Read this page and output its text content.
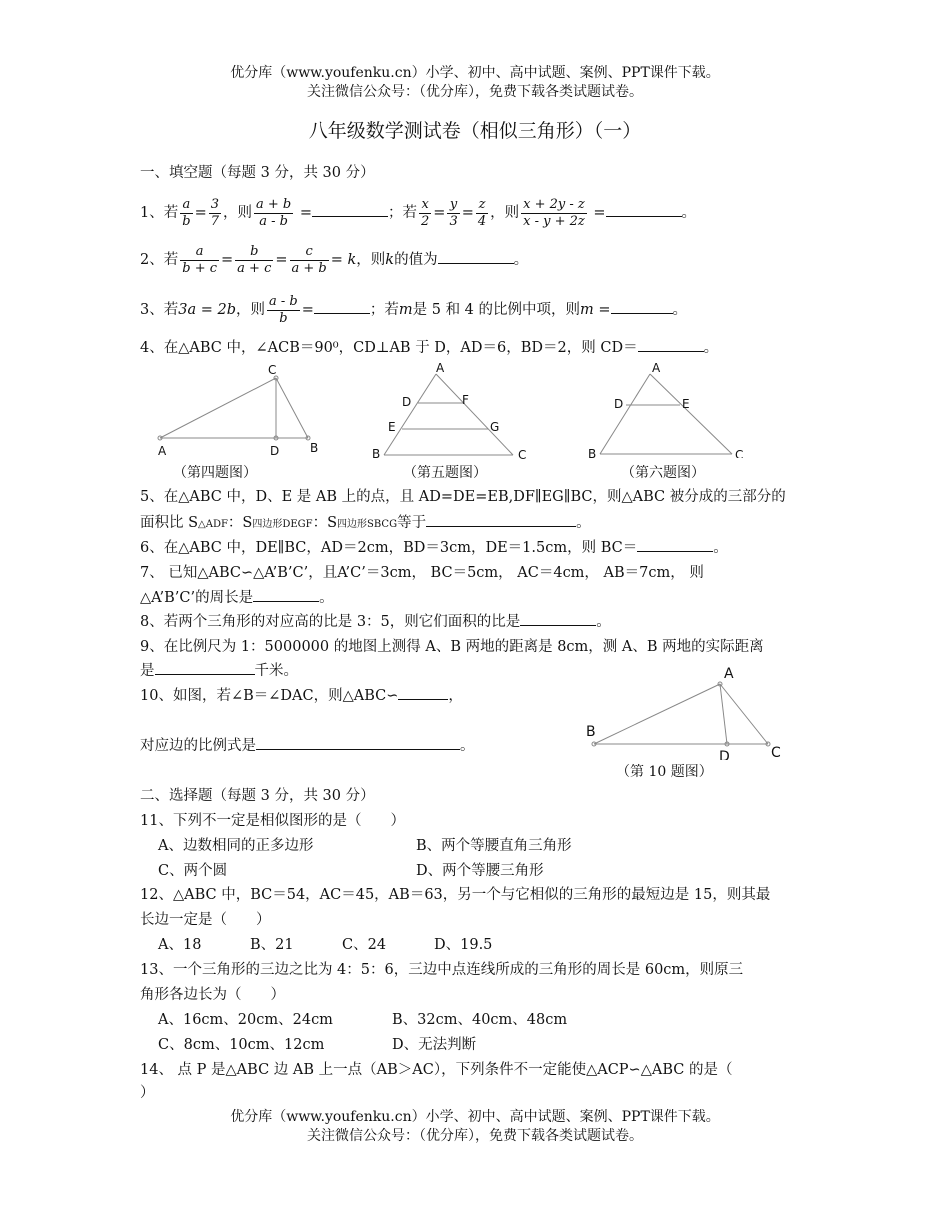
优分库（www.youfenku.cn）小学、初中、高中试题、案例、PPT课件下载。
关注微信公众号：（优分库），免费下载各类试题试卷。
八年级数学测试卷（相似三角形）（一）
一、填空题（每题 3 分，共 30 分）
1、若 $\frac{a}{b} = \frac{3}{7}$ ，则 $\frac{a + b}{a - b}$ =	；若 $\frac{x}{2} = \frac{y}{3} = \frac{z}{4}$ ，则 $\frac{x + 2y - z}{x - y + 2z}$ =	。
2、若 $\frac{a}{b + c} = \frac{b}{a + c} = \frac{c}{a + b} = k$，则k的值为	。
3、若3a = 2b，则 $\frac{a - b}{b}$ =	；若m是 5 和 4 的比例中项，则m =	。
4、在△ABC 中，∠ACB＝90⁰，CD⊥AB 于 D，AD＝6，BD＝2，则 CD＝	。
C
A	D	B
（第四题图）
A
D	F
E	G
B	C
（第五题图）
A
D	E
B	C
（第六题图）
5、在△ABC 中，D、E 是 AB 上的点，且 AD=DE=EB,DF∥EG∥BC，则△ABC 被分成的三部分的
面积比 S△ADF：S四边形DEGF：S四边形SBCG等于	。
6、在△ABC 中，DE∥BC，AD＝2cm，BD＝3cm，DE＝1.5cm，则 BC＝	。
7、 已知△ABC∽△A’B’C’，且A’C’＝3cm， BC＝5cm， AC＝4cm， AB＝7cm， 则
△A’B’C’的周长是	。
8、若两个三角形的对应高的比是 3：5，则它们面积的比是	。
9、在比例尺为 1：5000000 的地图上测得 A、B 两地的距离是 8cm，测 A、B 两地的实际距离
是	千米。
10、如图，若∠B＝∠DAC，则△ABC∽	，
对应边的比例式是	。
A
B
D	C
（第 10 题图）
二、选择题（每题 3 分，共 30 分）
11、下列不一定是相似图形的是（　　）
A、边数相同的正多边形	B、两个等腰直角三角形
C、两个圆	D、两个等腰三角形
12、△ABC 中，BC＝54，AC＝45，AB＝63，另一个与它相似的三角形的最短边是 15，则其最
长边一定是（　　）
A、18	B、21	C、24	D、19.5
13、一个三角形的三边之比为 4：5：6，三边中点连线所成的三角形的周长是 60cm，则原三
角形各边长为（　　）
A、16cm、20cm、24cm	B、32cm、40cm、48cm
C、8cm、10cm、12cm	D、无法判断
14、 点 P 是△ABC 边 AB 上一点（AB＞AC），下列条件不一定能使△ACP∽△ABC 的是（
）
优分库（www.youfenku.cn）小学、初中、高中试题、案例、PPT课件下载。
关注微信公众号：（优分库），免费下载各类试题试卷。
